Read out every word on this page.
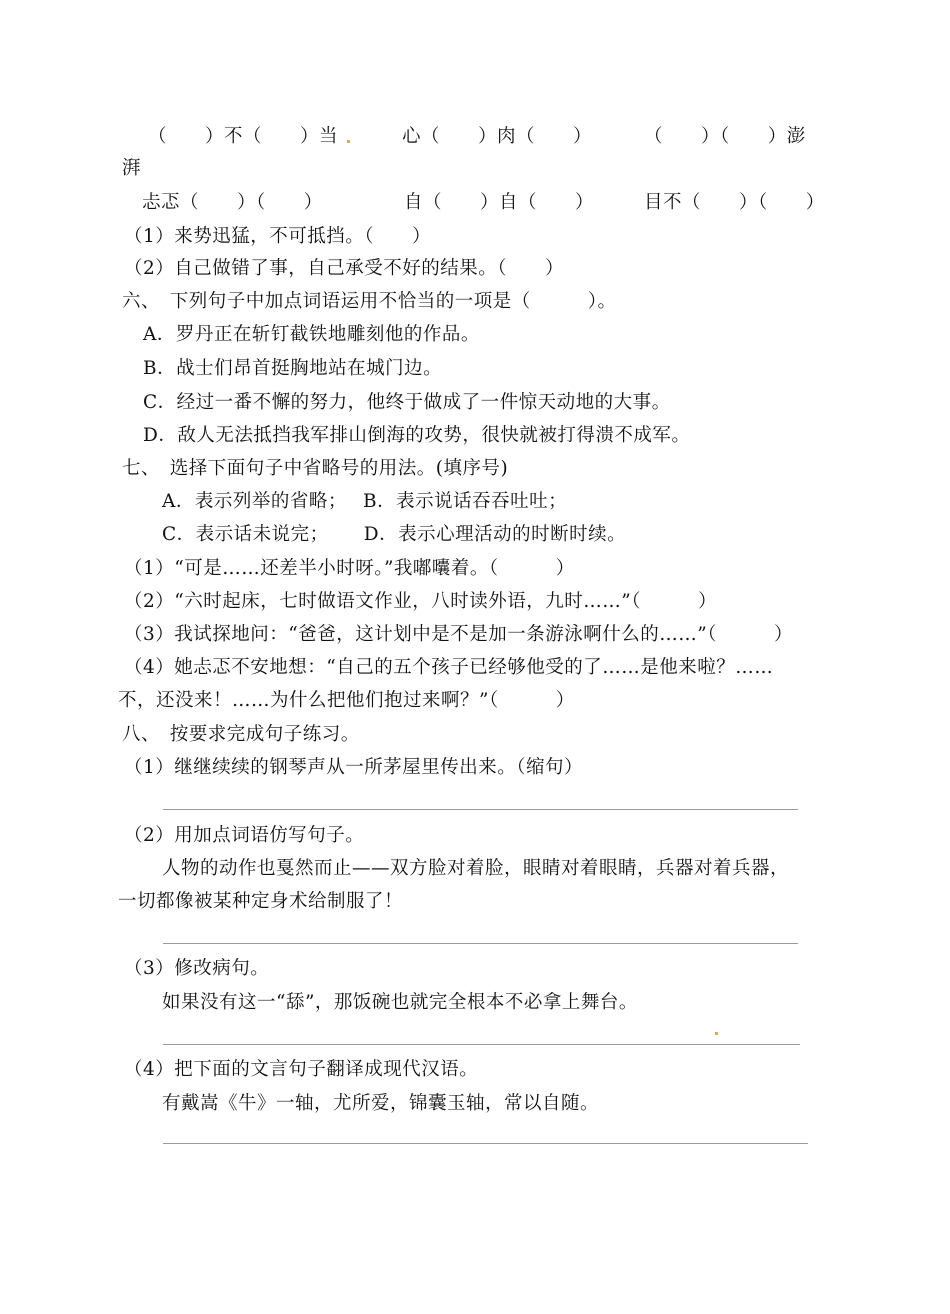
（　　）不（　　）当	心（　　）肉（　　）	（　　）（　　）澎
湃
忐忑（　　）（　　）	自（　　）自（　　）	目不（　　）（　　）
（1）来势迅猛，不可抵挡。（　　）
（2）自己做错了事，自己承受不好的结果。（　　）
六、　下列句子中加点词语运用不恰当的一项是（　　　）。
A．罗丹正在斩钉截铁地雕刻他的作品。
B．战士们昂首挺胸地站在城门边。
C．经过一番不懈的努力，他终于做成了一件惊天动地的大事。
D．敌人无法抵挡我军排山倒海的攻势，很快就被打得溃不成军。
七、　选择下面句子中省略号的用法。(填序号)
A．表示列举的省略；　 B．表示说话吞吞吐吐；
C．表示话未说完；　　 D．表示心理活动的时断时续。
（1）“可是……还差半小时呀。”我嘟囔着。（　　　）
（2）“六时起床，七时做语文作业，八时读外语，九时……”（　　　）
（3）我试探地问：“爸爸，这计划中是不是加一条游泳啊什么的……”（　　　）
（4）她忐忑不安地想：“自己的五个孩子已经够他受的了……是他来啦？……
不，还没来！……为什么把他们抱过来啊？”（　　　）
八、　按要求完成句子练习。
（1）继继续续的钢琴声从一所茅屋里传出来。（缩句）
（2）用加点词语仿写句子。
人物的动作也戛然而止——双方脸对着脸，眼睛对着眼睛，兵器对着兵器，
一切都像被某种定身术给制服了！
（3）修改病句。
如果没有这一“舔”，那饭碗也就完全根本不必拿上舞台。
（4）把下面的文言句子翻译成现代汉语。
有戴嵩《牛》一轴，尤所爱，锦囊玉轴，常以自随。
